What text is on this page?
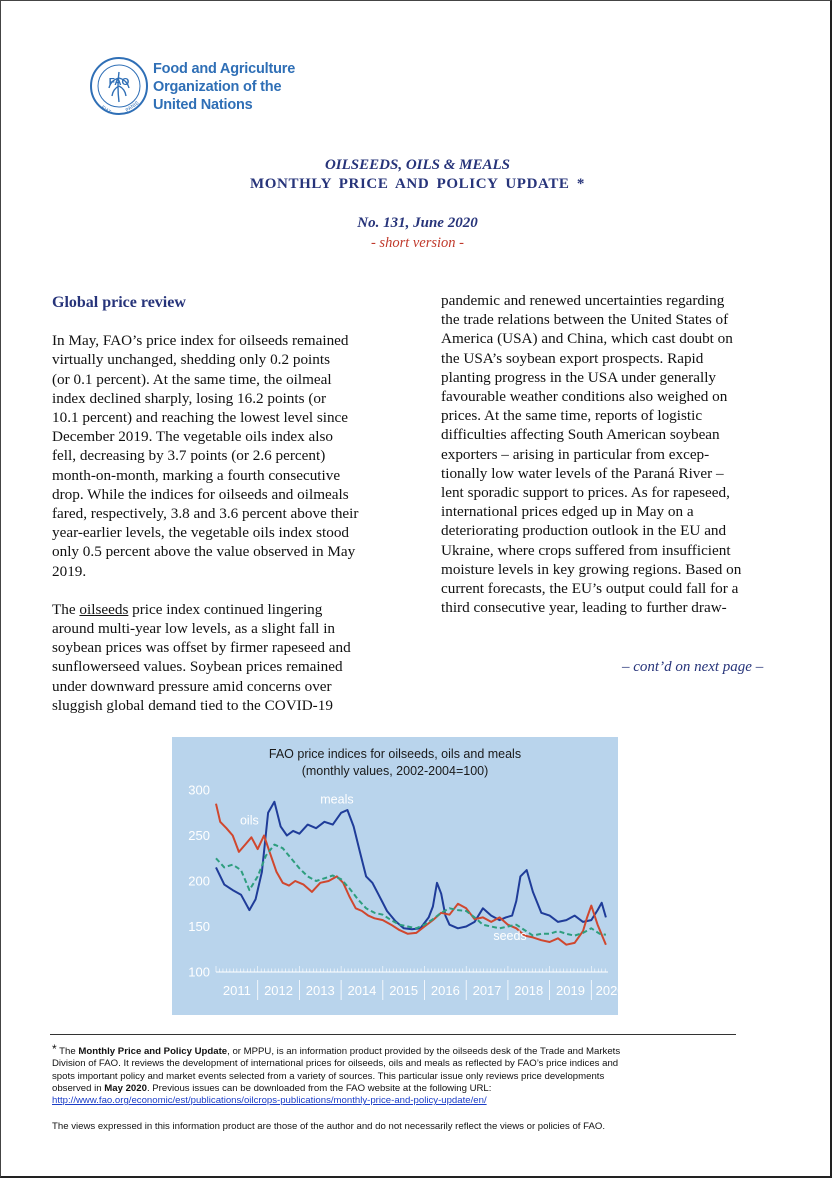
FAO
FIAT	PANIS
Food and Agriculture
Organization of the
United Nations
OILSEEDS, OILS & MEALS
MONTHLY PRICE AND POLICY UPDATE *
No. 131, June 2020
- short version -
Global price review
In May, FAO’s price index for oilseeds remained
virtually unchanged, shedding only 0.2 points
(or 0.1 percent). At the same time, the oilmeal
index declined sharply, losing 16.2 points (or
10.1 percent) and reaching the lowest level since
December 2019. The vegetable oils index also
fell, decreasing by 3.7 points (or 2.6 percent)
month-on-month, marking a fourth consecutive
drop. While the indices for oilseeds and oilmeals
fared, respectively, 3.8 and 3.6 percent above their
year-earlier levels, the vegetable oils index stood
only 0.5 percent above the value observed in May
2019.
The oilseeds price index continued lingering
around multi-year low levels, as a slight fall in
soybean prices was offset by firmer rapeseed and
sunflowerseed values. Soybean prices remained
under downward pressure amid concerns over
sluggish global demand tied to the COVID-19
pandemic and renewed uncertainties regarding
the trade relations between the United States of
America (USA) and China, which cast doubt on
the USA’s soybean export prospects. Rapid
planting progress in the USA under generally
favourable weather conditions also weighed on
prices. At the same time, reports of logistic
difficulties affecting South American soybean
exporters – arising in particular from excep-
tionally low water levels of the Paraná River –
lent sporadic support to prices. As for rapeseed,
international prices edged up in May on a
deteriorating production outlook in the EU and
Ukraine, where crops suffered from insufficient
moisture levels in key growing regions. Based on
current forecasts, the EU’s output could fall for a
third consecutive year, leading to further draw-
– cont’d on next page –
FAO price indices for oilseeds, oils and meals
(monthly values, 2002-2004=100)
100
150
200
250
300
2011 2012 2013 2014 2015 2016 2017 2018 2019 2020
meals
oils
seeds
* The Monthly Price and Policy Update, or MPPU, is an information product provided by the oilseeds desk of the Trade and Markets
Division of FAO. It reviews the development of international prices for oilseeds, oils and meals as reflected by FAO’s price indices and
spots important policy and market events selected from a variety of sources. This particular issue only reviews price developments
observed in May 2020. Previous issues can be downloaded from the FAO website at the following URL:
http://www.fao.org/economic/est/publications/oilcrops-publications/monthly-price-and-policy-update/en/
The views expressed in this information product are those of the author and do not necessarily reflect the views or policies of FAO.
